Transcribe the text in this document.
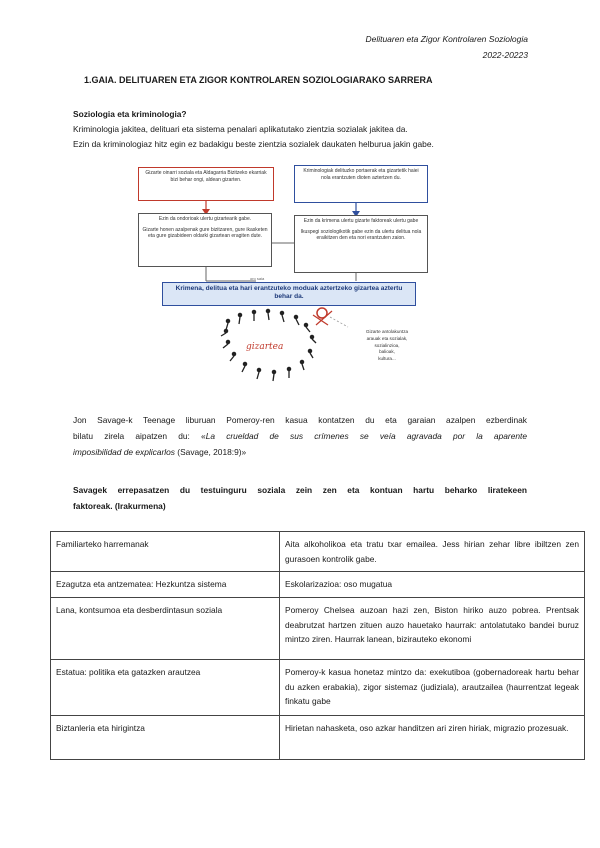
Delituaren eta Zigor Kontrolaren Soziologia
2022-20223
1.GAIA. DELITUAREN ETA ZIGOR KONTROLAREN SOZIOLOGIARAKO SARRERA
Soziologia eta kriminologia?
Kriminologia jakitea, delituari eta sistema penalari aplikatutako zientzia sozialak jakitea da.
Ezin da kriminologiaz hitz egin ez badakigu beste zientzia sozialek daukaten helburua jakin gabe.
Gizarte oinarri soziala eta Aldagarria Bizitzeko ekarriak bizi behar ongi, aldean gizarten.
Kriminologiak delituzko portaerak eta gizartetik haiei nola erantzuten dioten aztertzen du.
Ezin da ondorioak ulertu gizartearik gabe.
Gizarte honen azalpenak gure bizitzaren, gure ikasketen eta gure gizabideen oldarki gizartean eragiten dute.
Ezin da krimena ulertu gizarte faktoreak ulertu gabe
Ikuspegi soziologikotik gabe ezin da ulertu delitua nola eraikitzen den eta nori erantzuten zaion.
oro saia
Krimena, delitua eta hari erantzuteko moduak aztertzeko gizartea aztertu behar da.
gizartea
Gizarte antolakuntza
arauak eta sozialak,
sozialinzioa,
balioak,
kultura...
Jon Savage-k Teenage liburuan Pomeroy-ren kasua kontatzen du eta garaian azalpen ezberdinak
bilatu zirela aipatzen du: «La crueldad de sus crímenes se veía agravada por la aparente
imposibilidad de explicarlos (Savage, 2018:9)»
Savagek errepasatzen du testuinguru soziala zein zen eta kontuan hartu beharko liratekeen
faktoreak. (Irakurmena)
Familiarteko harremanak	Aita alkoholikoa eta tratu txar emailea. Jess hirian zehar libre ibiltzen zen gurasoen kontrolik gabe.
Ezagutza eta antzematea: Hezkuntza sistema	Eskolarizazioa: oso mugatua
Lana, kontsumoa eta desberdintasun soziala	Pomeroy Chelsea auzoan hazi zen, Biston hiriko auzo pobrea. Prentsak deabrutzat hartzen zituen auzo hauetako haurrak: antolatutako bandei buruz mintzo ziren. Haurrak lanean, bizirauteko ekonomi
Estatua: politika eta gatazken arautzea	Pomeroy-k kasua honetaz mintzo da: exekutiboa (gobernadoreak hartu behar du azken erabakia), zigor sistemaz (judiziala), arautzailea (haurrentzat legeak finkatu gabe
Biztanleria eta hirigintza	Hirietan nahasketa, oso azkar handitzen ari ziren hiriak, migrazio prozesuak.
